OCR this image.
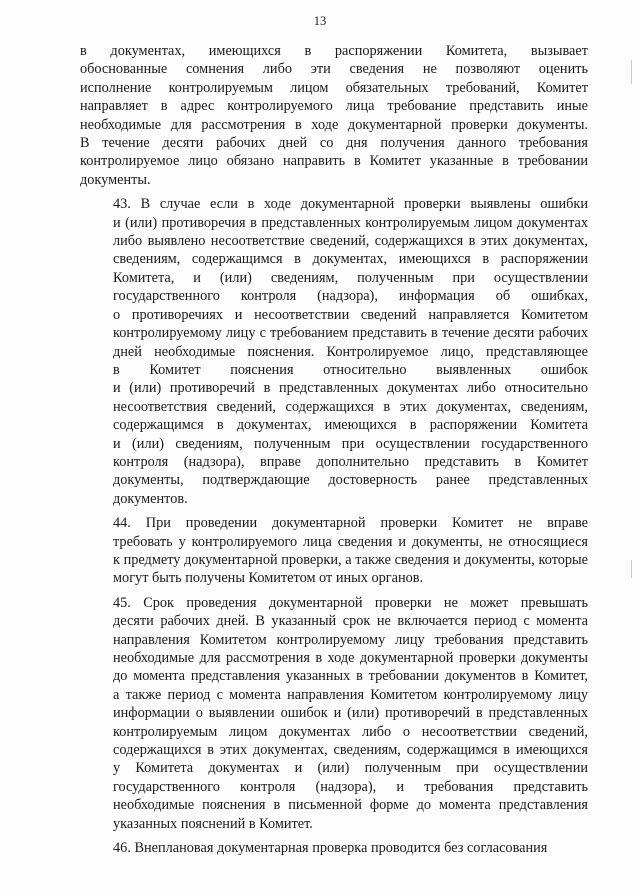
13
в документах, имеющихся в распоряжении Комитета, вызывает
обоснованные сомнения либо эти сведения не позволяют оценить
исполнение контролируемым лицом обязательных требований, Комитет
направляет в адрес контролируемого лица требование представить иные
необходимые для рассмотрения в ходе документарной проверки документы.
В течение десяти рабочих дней со дня получения данного требования
контролируемое лицо обязано направить в Комитет указанные в требовании
документы.
43. В случае если в ходе документарной проверки выявлены ошибки
и (или) противоречия в представленных контролируемым лицом документах
либо выявлено несоответствие сведений, содержащихся в этих документах,
сведениям, содержащимся в документах, имеющихся в распоряжении
Комитета, и (или) сведениям, полученным при осуществлении
государственного контроля (надзора), информация об ошибках,
о противоречиях и несоответствии сведений направляется Комитетом
контролируемому лицу с требованием представить в течение десяти рабочих
дней необходимые пояснения. Контролируемое лицо, представляющее
в Комитет пояснения относительно выявленных ошибок
и (или) противоречий в представленных документах либо относительно
несоответствия сведений, содержащихся в этих документах, сведениям,
содержащимся в документах, имеющихся в распоряжении Комитета
и (или) сведениям, полученным при осуществлении государственного
контроля (надзора), вправе дополнительно представить в Комитет
документы, подтверждающие достоверность ранее представленных
документов.
44. При проведении документарной проверки Комитет не вправе
требовать у контролируемого лица сведения и документы, не относящиеся
к предмету документарной проверки, а также сведения и документы, которые
могут быть получены Комитетом от иных органов.
45. Срок проведения документарной проверки не может превышать
десяти рабочих дней. В указанный срок не включается период с момента
направления Комитетом контролируемому лицу требования представить
необходимые для рассмотрения в ходе документарной проверки документы
до момента представления указанных в требовании документов в Комитет,
а также период с момента направления Комитетом контролируемому лицу
информации о выявлении ошибок и (или) противоречий в представленных
контролируемым лицом документах либо о несоответствии сведений,
содержащихся в этих документах, сведениям, содержащимся в имеющихся
у Комитета документах и (или) полученным при осуществлении
государственного контроля (надзора), и требования представить
необходимые пояснения в письменной форме до момента представления
указанных пояснений в Комитет.
46. Внеплановая документарная проверка проводится без согласования
